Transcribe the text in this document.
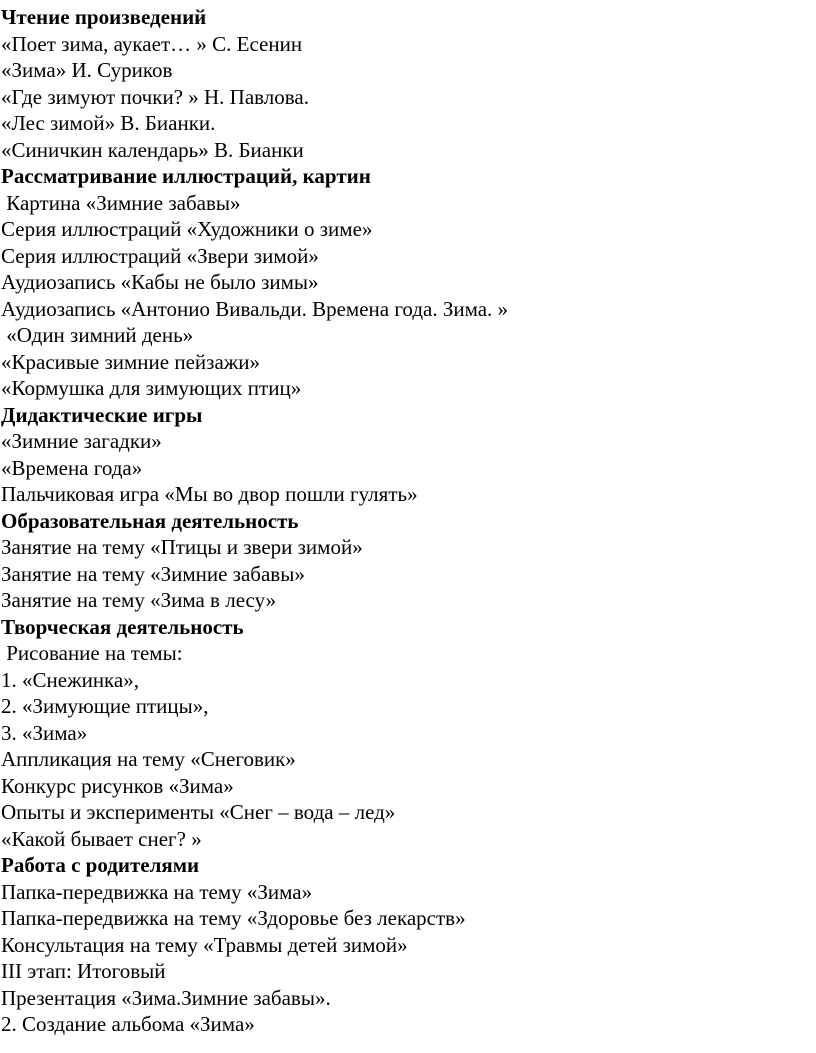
Чтение произведений
«Поет зима, аукает… » С. Есенин
«Зима» И. Суриков
«Где зимуют почки? » Н. Павлова.
«Лес зимой» В. Бианки.
«Синичкин календарь» В. Бианки
Рассматривание иллюстраций, картин
Картина «Зимние забавы»
Серия иллюстраций «Художники о зиме»
Серия иллюстраций «Звери зимой»
Аудиозапись «Кабы не было зимы»
Аудиозапись «Антонио Вивальди. Времена года. Зима. »
«Один зимний день»
«Красивые зимние пейзажи»
«Кормушка для зимующих птиц»
Дидактические игры
«Зимние загадки»
«Времена года»
Пальчиковая игра «Мы во двор пошли гулять»
Образовательная деятельность
Занятие на тему «Птицы и звери зимой»
Занятие на тему «Зимние забавы»
Занятие на тему «Зима в лесу»
Творческая деятельность
Рисование на темы:
1. «Снежинка»,
2. «Зимующие птицы»,
3. «Зима»
Аппликация на тему «Снеговик»
Конкурс рисунков «Зима»
Опыты и эксперименты «Снег – вода – лед»
«Какой бывает снег? »
Работа с родителями
Папка-передвижка на тему «Зима»
Папка-передвижка на тему «Здоровье без лекарств»
Консультация на тему «Травмы детей зимой»
III этап: Итоговый
Презентация «Зима.Зимние забавы».
2. Создание альбома «Зима»
